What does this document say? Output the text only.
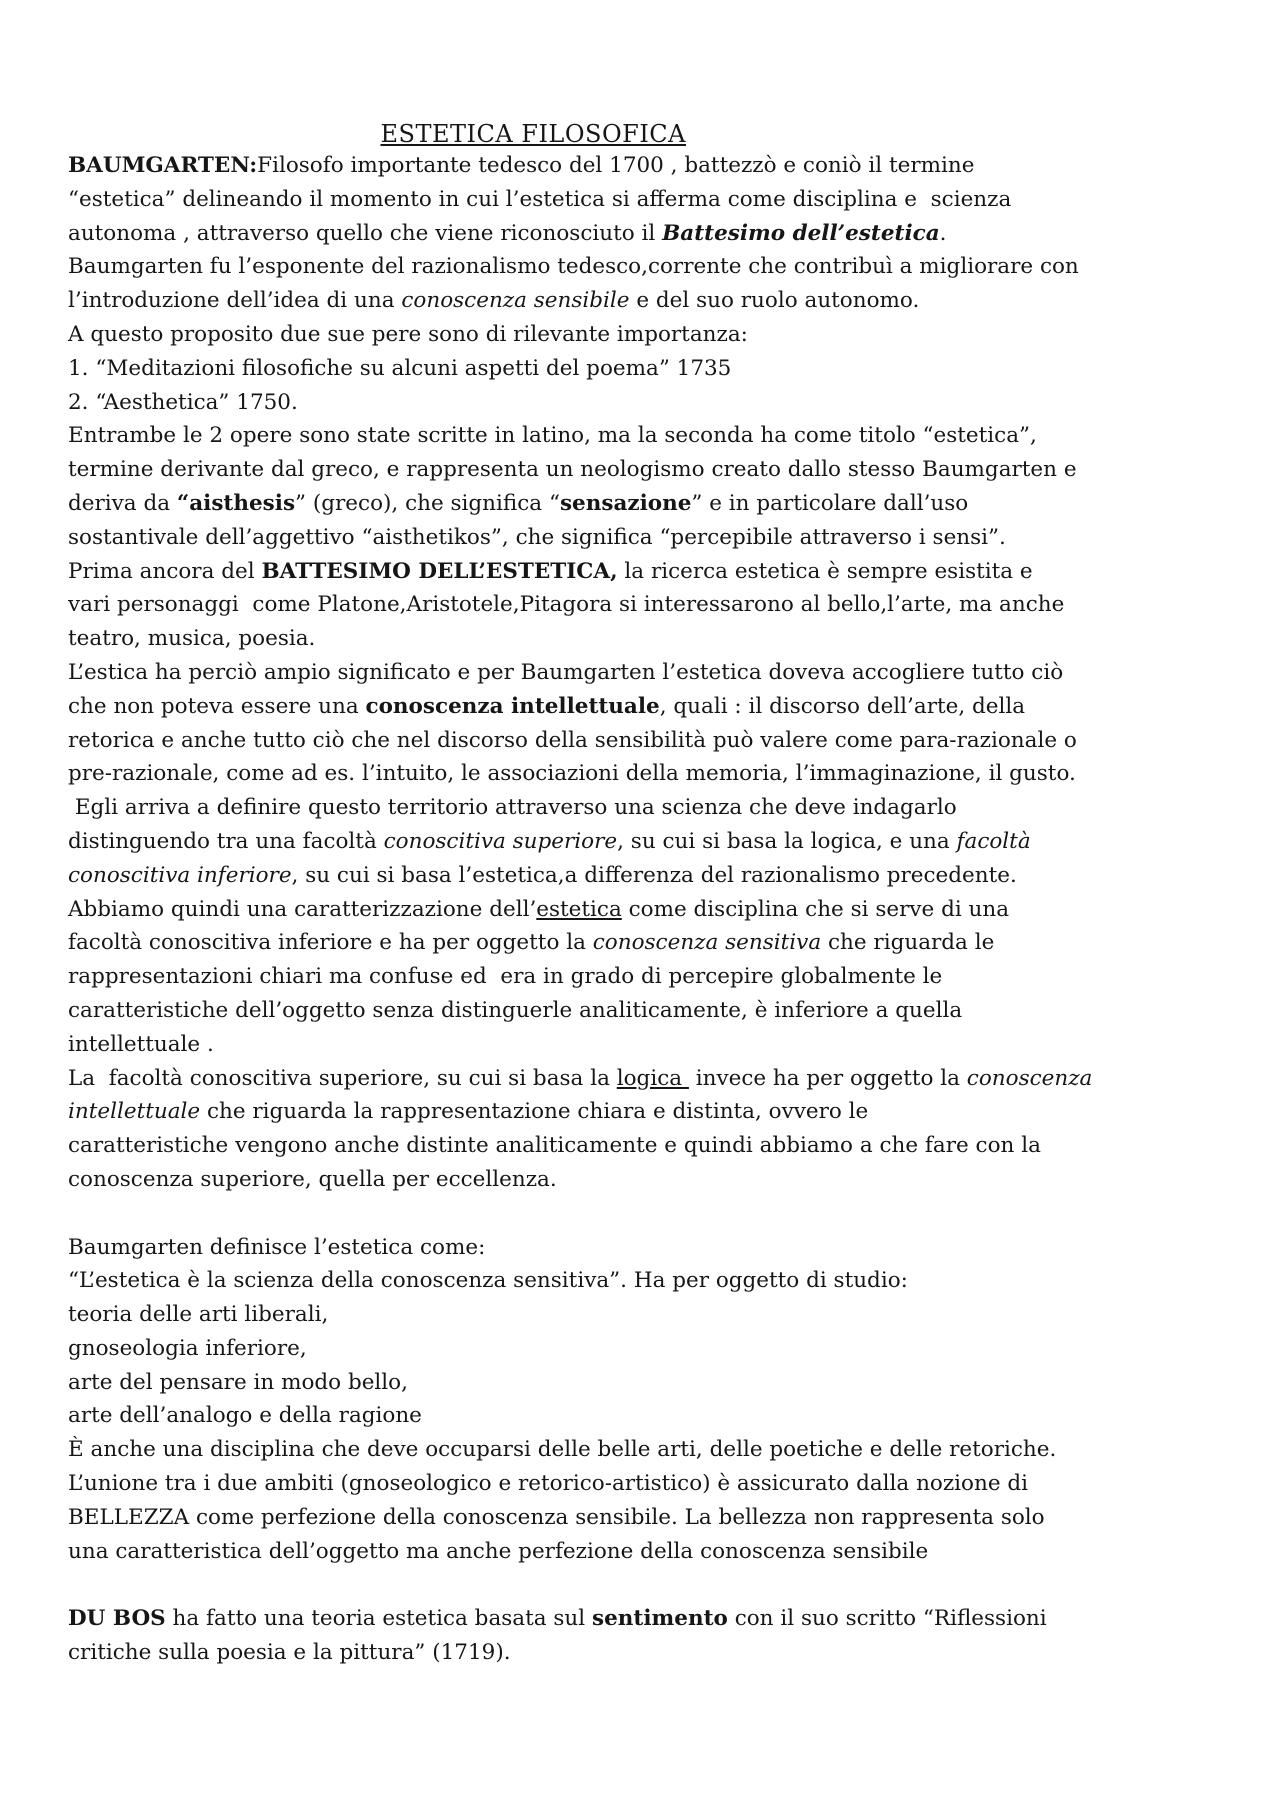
ESTETICA FILOSOFICA

BAUMGARTEN:Filosofo importante tedesco del 1700 , battezzò e coniò il termine
“estetica” delineando il momento in cui l’estetica si afferma come disciplina e  scienza
autonoma , attraverso quello che viene riconosciuto il Battesimo dell’estetica.
Baumgarten fu l’esponente del razionalismo tedesco,corrente che contribuì a migliorare con
l’introduzione dell’idea di una conoscenza sensibile e del suo ruolo autonomo.
A questo proposito due sue pere sono di rilevante importanza:
1. “Meditazioni filosofiche su alcuni aspetti del poema” 1735
2. “Aesthetica” 1750.
Entrambe le 2 opere sono state scritte in latino, ma la seconda ha come titolo “estetica”,
termine derivante dal greco, e rappresenta un neologismo creato dallo stesso Baumgarten e
deriva da “aisthesis” (greco), che significa “sensazione” e in particolare dall’uso
sostantivale dell’aggettivo “aisthetikos”, che significa “percepibile attraverso i sensi”.
Prima ancora del BATTESIMO DELL’ESTETICA, la ricerca estetica è sempre esistita e
vari personaggi  come Platone,Aristotele,Pitagora si interessarono al bello,l’arte, ma anche
teatro, musica, poesia.
L’estica ha perciò ampio significato e per Baumgarten l’estetica doveva accogliere tutto ciò
che non poteva essere una conoscenza intellettuale, quali : il discorso dell’arte, della
retorica e anche tutto ciò che nel discorso della sensibilità può valere come para-razionale o
pre-razionale, come ad es. l’intuito, le associazioni della memoria, l’immaginazione, il gusto.
Egli arriva a definire questo territorio attraverso una scienza che deve indagarlo
distinguendo tra una facoltà conoscitiva superiore, su cui si basa la logica, e una facoltà
conoscitiva inferiore, su cui si basa l’estetica,a differenza del razionalismo precedente.
Abbiamo quindi una caratterizzazione dell’estetica come disciplina che si serve di una
facoltà conoscitiva inferiore e ha per oggetto la conoscenza sensitiva che riguarda le
rappresentazioni chiari ma confuse ed  era in grado di percepire globalmente le
caratteristiche dell’oggetto senza distinguerle analiticamente, è inferiore a quella
intellettuale .
La  facoltà conoscitiva superiore, su cui si basa la logica  invece ha per oggetto la conoscenza
intellettuale che riguarda la rappresentazione chiara e distinta, ovvero le
caratteristiche vengono anche distinte analiticamente e quindi abbiamo a che fare con la
conoscenza superiore, quella per eccellenza.

Baumgarten definisce l’estetica come:
“L’estetica è la scienza della conoscenza sensitiva”. Ha per oggetto di studio:
teoria delle arti liberali,
gnoseologia inferiore,
arte del pensare in modo bello,
arte dell’analogo e della ragione
È anche una disciplina che deve occuparsi delle belle arti, delle poetiche e delle retoriche.
L’unione tra i due ambiti (gnoseologico e retorico-artistico) è assicurato dalla nozione di
BELLEZZA come perfezione della conoscenza sensibile. La bellezza non rappresenta solo
una caratteristica dell’oggetto ma anche perfezione della conoscenza sensibile

DU BOS ha fatto una teoria estetica basata sul sentimento con il suo scritto “Riflessioni
critiche sulla poesia e la pittura” (1719).
